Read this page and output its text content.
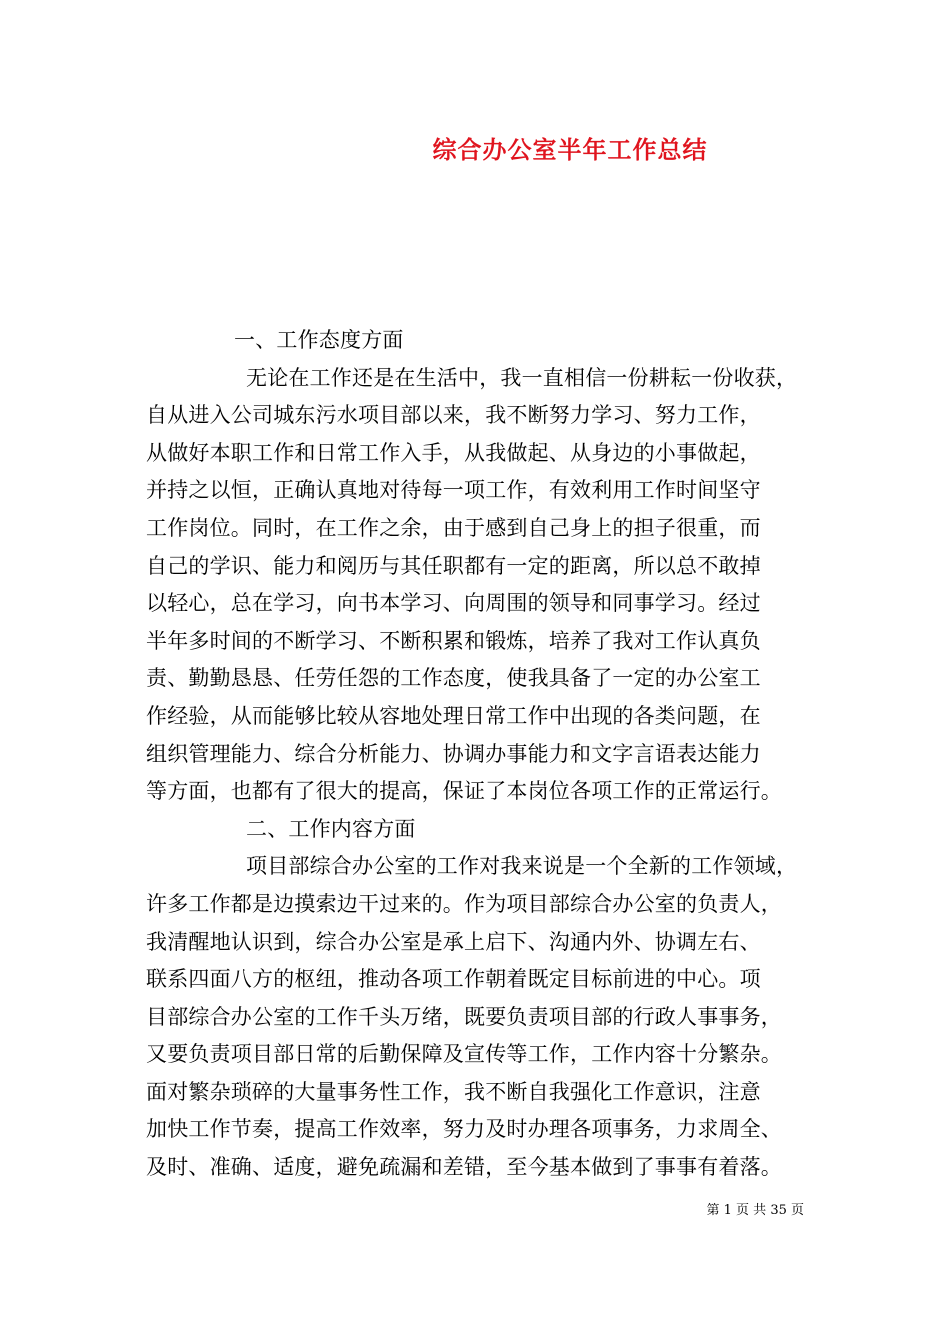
综合办公室半年工作总结
一、工作态度方面
无论在工作还是在生活中，我一直相信一份耕耘一份收获，
自从进入公司城东污水项目部以来，我不断努力学习、努力工作，
从做好本职工作和日常工作入手，从我做起、从身边的小事做起，
并持之以恒，正确认真地对待每一项工作，有效利用工作时间坚守
工作岗位。同时，在工作之余，由于感到自己身上的担子很重，而
自己的学识、能力和阅历与其任职都有一定的距离，所以总不敢掉
以轻心，总在学习，向书本学习、向周围的领导和同事学习。经过
半年多时间的不断学习、不断积累和锻炼，培养了我对工作认真负
责、勤勤恳恳、任劳任怨的工作态度，使我具备了一定的办公室工
作经验，从而能够比较从容地处理日常工作中出现的各类问题，在
组织管理能力、综合分析能力、协调办事能力和文字言语表达能力
等方面，也都有了很大的提高，保证了本岗位各项工作的正常运行。
二、工作内容方面
项目部综合办公室的工作对我来说是一个全新的工作领域，
许多工作都是边摸索边干过来的。作为项目部综合办公室的负责人，
我清醒地认识到，综合办公室是承上启下、沟通内外、协调左右、
联系四面八方的枢纽，推动各项工作朝着既定目标前进的中心。项
目部综合办公室的工作千头万绪，既要负责项目部的行政人事事务，
又要负责项目部日常的后勤保障及宣传等工作，工作内容十分繁杂。
面对繁杂琐碎的大量事务性工作，我不断自我强化工作意识，注意
加快工作节奏，提高工作效率，努力及时办理各项事务，力求周全、
及时、准确、适度，避免疏漏和差错，至今基本做到了事事有着落。
第 1 页 共 35 页
